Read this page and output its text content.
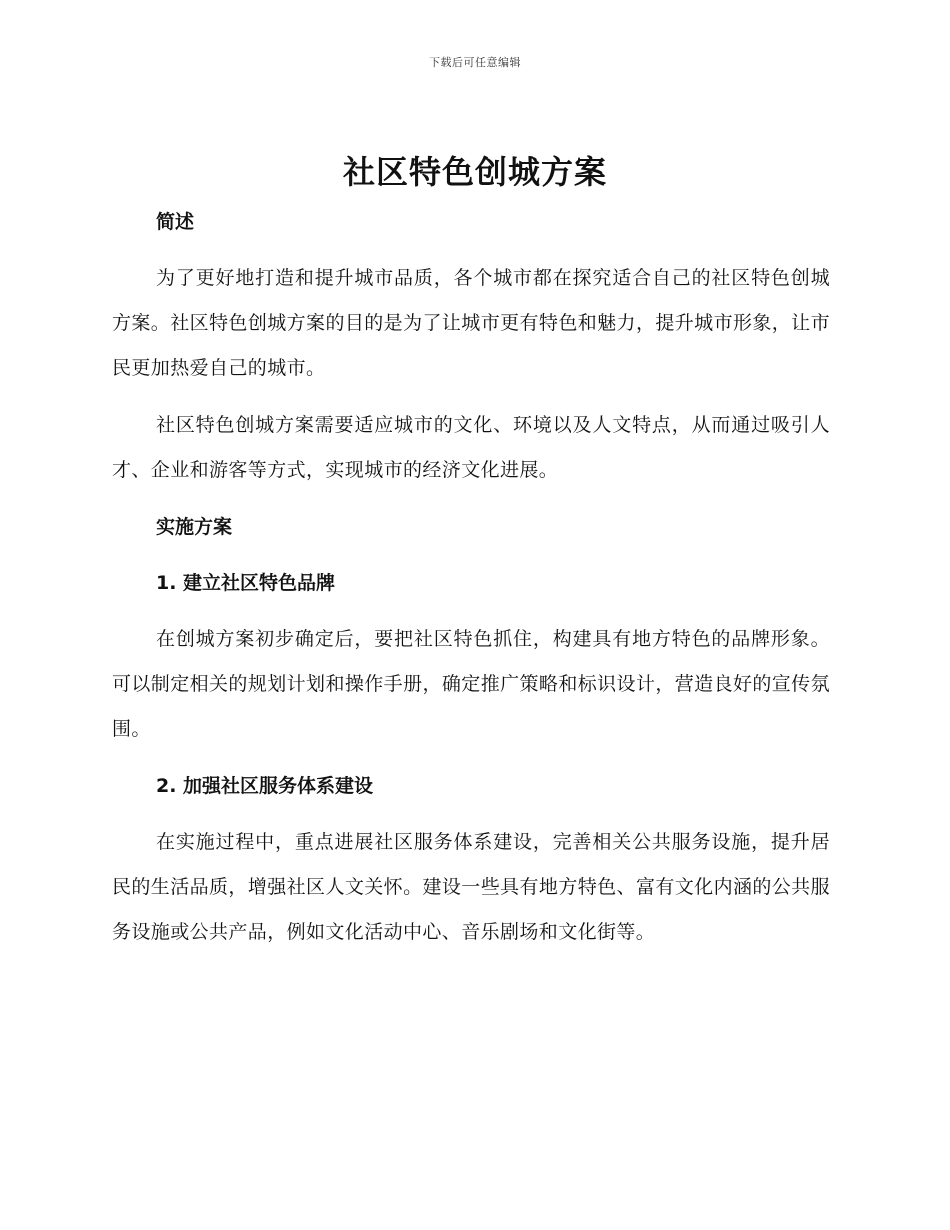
下载后可任意编辑
社区特色创城方案
简述

为了更好地打造和提升城市品质，各个城市都在探究适合自己的社区特色创城方案。社区特色创城方案的目的是为了让城市更有特色和魅力，提升城市形象，让市民更加热爱自己的城市。

社区特色创城方案需要适应城市的文化、环境以及人文特点，从而通过吸引人才、企业和游客等方式，实现城市的经济文化进展。

实施方案
1. 建立社区特色品牌

在创城方案初步确定后，要把社区特色抓住，构建具有地方特色的品牌形象。可以制定相关的规划计划和操作手册，确定推广策略和标识设计，营造良好的宣传氛围。

2. 加强社区服务体系建设

在实施过程中，重点进展社区服务体系建设，完善相关公共服务设施，提升居民的生活品质，增强社区人文关怀。建设一些具有地方特色、富有文化内涵的公共服务设施或公共产品，例如文化活动中心、音乐剧场和文化街等。
